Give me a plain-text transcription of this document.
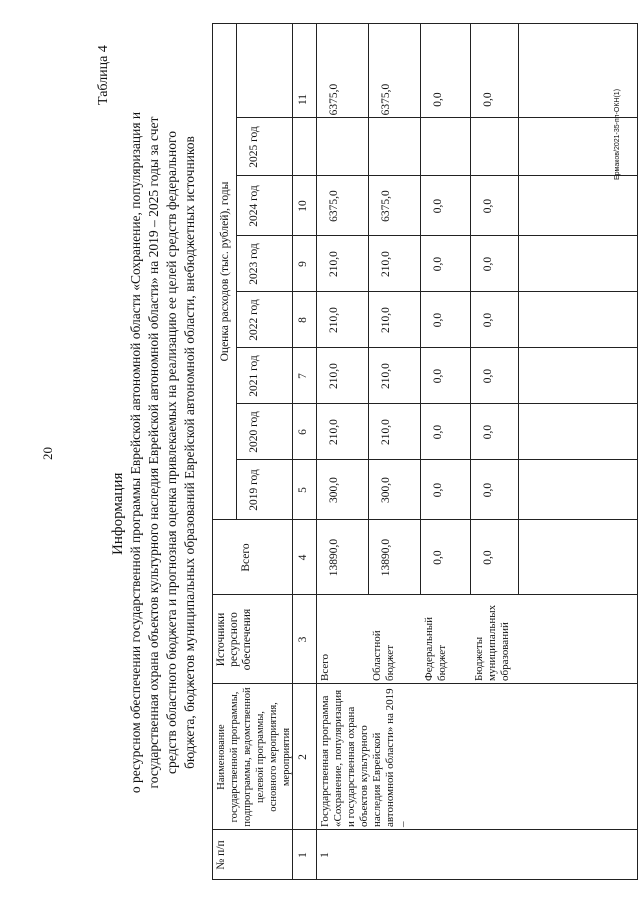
20
Таблица 4
Информация о ресурсном обеспечении государственной программы Еврейской автономной области «Сохранение, популяризация и государственная охрана объектов культурного наследия Еврейской автономной области» на 2019 – 2025 годы за счет средств областного бюджета и прогнозная оценка привлекаемых на реализацию ее целей средств федерального бюджета, бюджетов муниципальных образований Еврейской автономной области, внебюджетных источников
№ п/п
Наименование государственной программы, подпрограммы, ведомственной целевой программы, основного мероприятия, мероприятия
Источники ресурсного обеспечения
Оценка расходов (тыс. рублей), годы
Всего
2019 год
2020 год
2021 год
2022 год
2023 год
2024 год
2025 год
1
2
3
4
5
6
7
8
9
10
11
1
Государственная программа «Сохранение, популяризация и государственная охрана объектов культурного наследия Еврейской автономной области» на 2019 –
Всего
13890,0
300,0
210,0
210,0
210,0
210,0
6375,0
6375,0
Областной бюджет
13890,0
300,0
210,0
210,0
210,0
210,0
6375,0
6375,0
Федеральный бюджет
0,0
0,0
0,0
0,0
0,0
0,0
0,0
0,0
Бюджеты муниципальных образований
0,0
0,0
0,0
0,0
0,0
0,0
0,0
0,0	Ермаков/2021-35-пп-ОКН(1)
